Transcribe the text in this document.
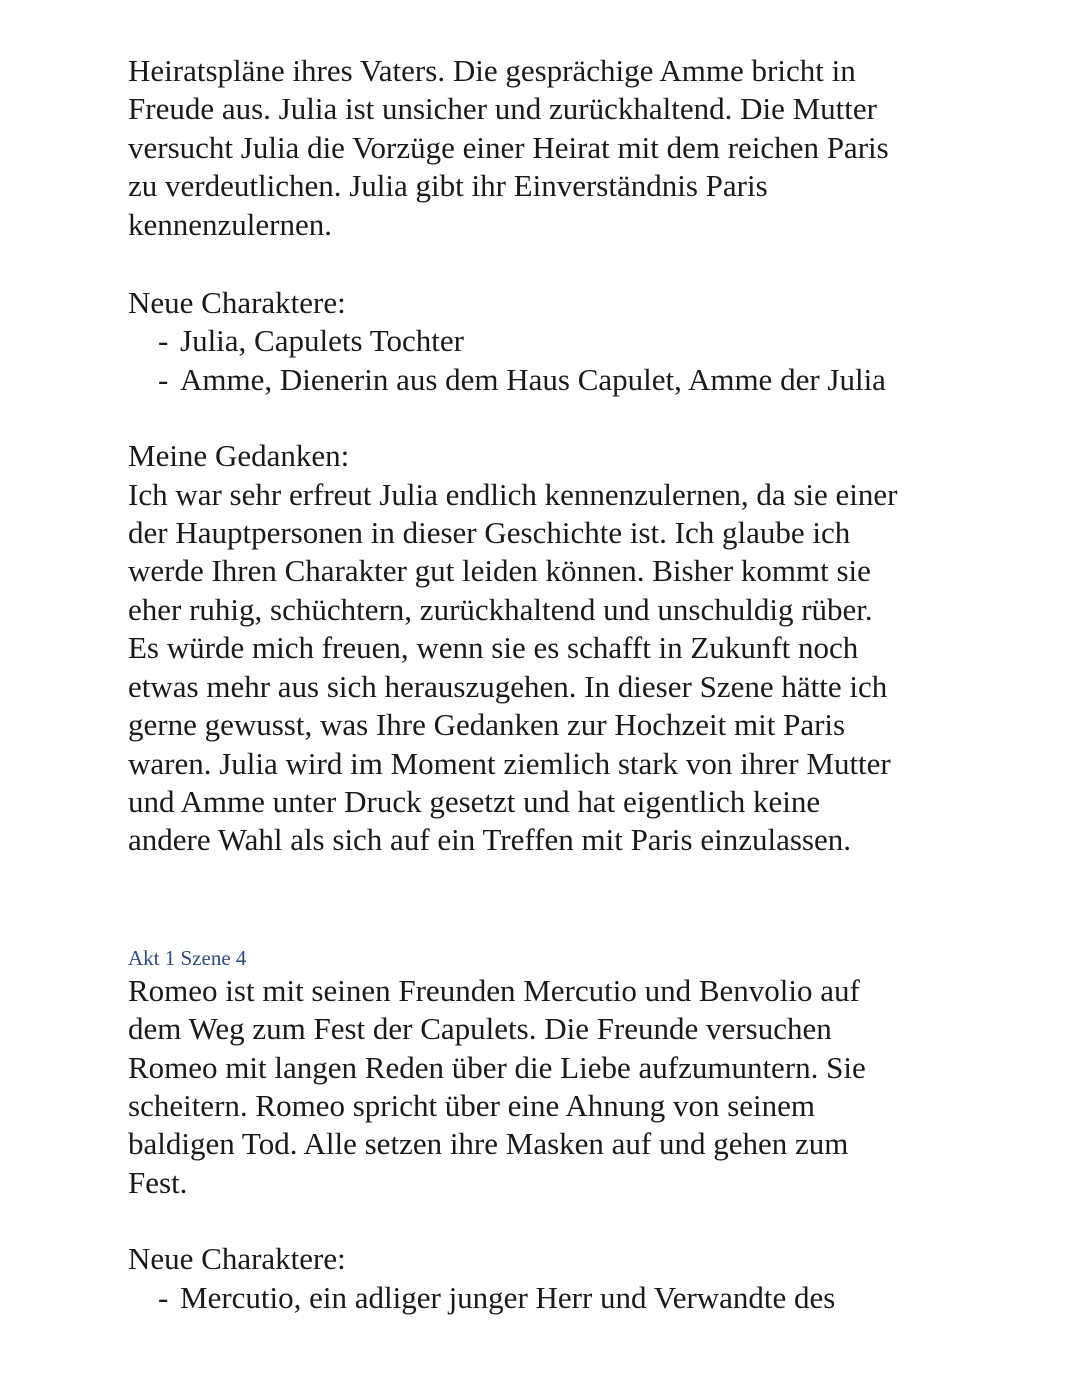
Heiratspläne ihres Vaters. Die gesprächige Amme bricht in
Freude aus. Julia ist unsicher und zurückhaltend. Die Mutter
versucht Julia die Vorzüge einer Heirat mit dem reichen Paris
zu verdeutlichen. Julia gibt ihr Einverständnis Paris
kennenzulernen.

Neue Charaktere:

- Julia, Capulets Tochter
- Amme, Dienerin aus dem Haus Capulet, Amme der Julia

Meine Gedanken:

Ich war sehr erfreut Julia endlich kennenzulernen, da sie einer
der Hauptpersonen in dieser Geschichte ist. Ich glaube ich
werde Ihren Charakter gut leiden können. Bisher kommt sie
eher ruhig, schüchtern, zurückhaltend und unschuldig rüber.
Es würde mich freuen, wenn sie es schafft in Zukunft noch
etwas mehr aus sich herauszugehen. In dieser Szene hätte ich
gerne gewusst, was Ihre Gedanken zur Hochzeit mit Paris
waren. Julia wird im Moment ziemlich stark von ihrer Mutter
und Amme unter Druck gesetzt und hat eigentlich keine
andere Wahl als sich auf ein Treffen mit Paris einzulassen.

Akt 1 Szene 4

Romeo ist mit seinen Freunden Mercutio und Benvolio auf
dem Weg zum Fest der Capulets. Die Freunde versuchen
Romeo mit langen Reden über die Liebe aufzumuntern. Sie
scheitern. Romeo spricht über eine Ahnung von seinem
baldigen Tod. Alle setzen ihre Masken auf und gehen zum
Fest.

Neue Charaktere:

- Mercutio, ein adliger junger Herr und Verwandte des
